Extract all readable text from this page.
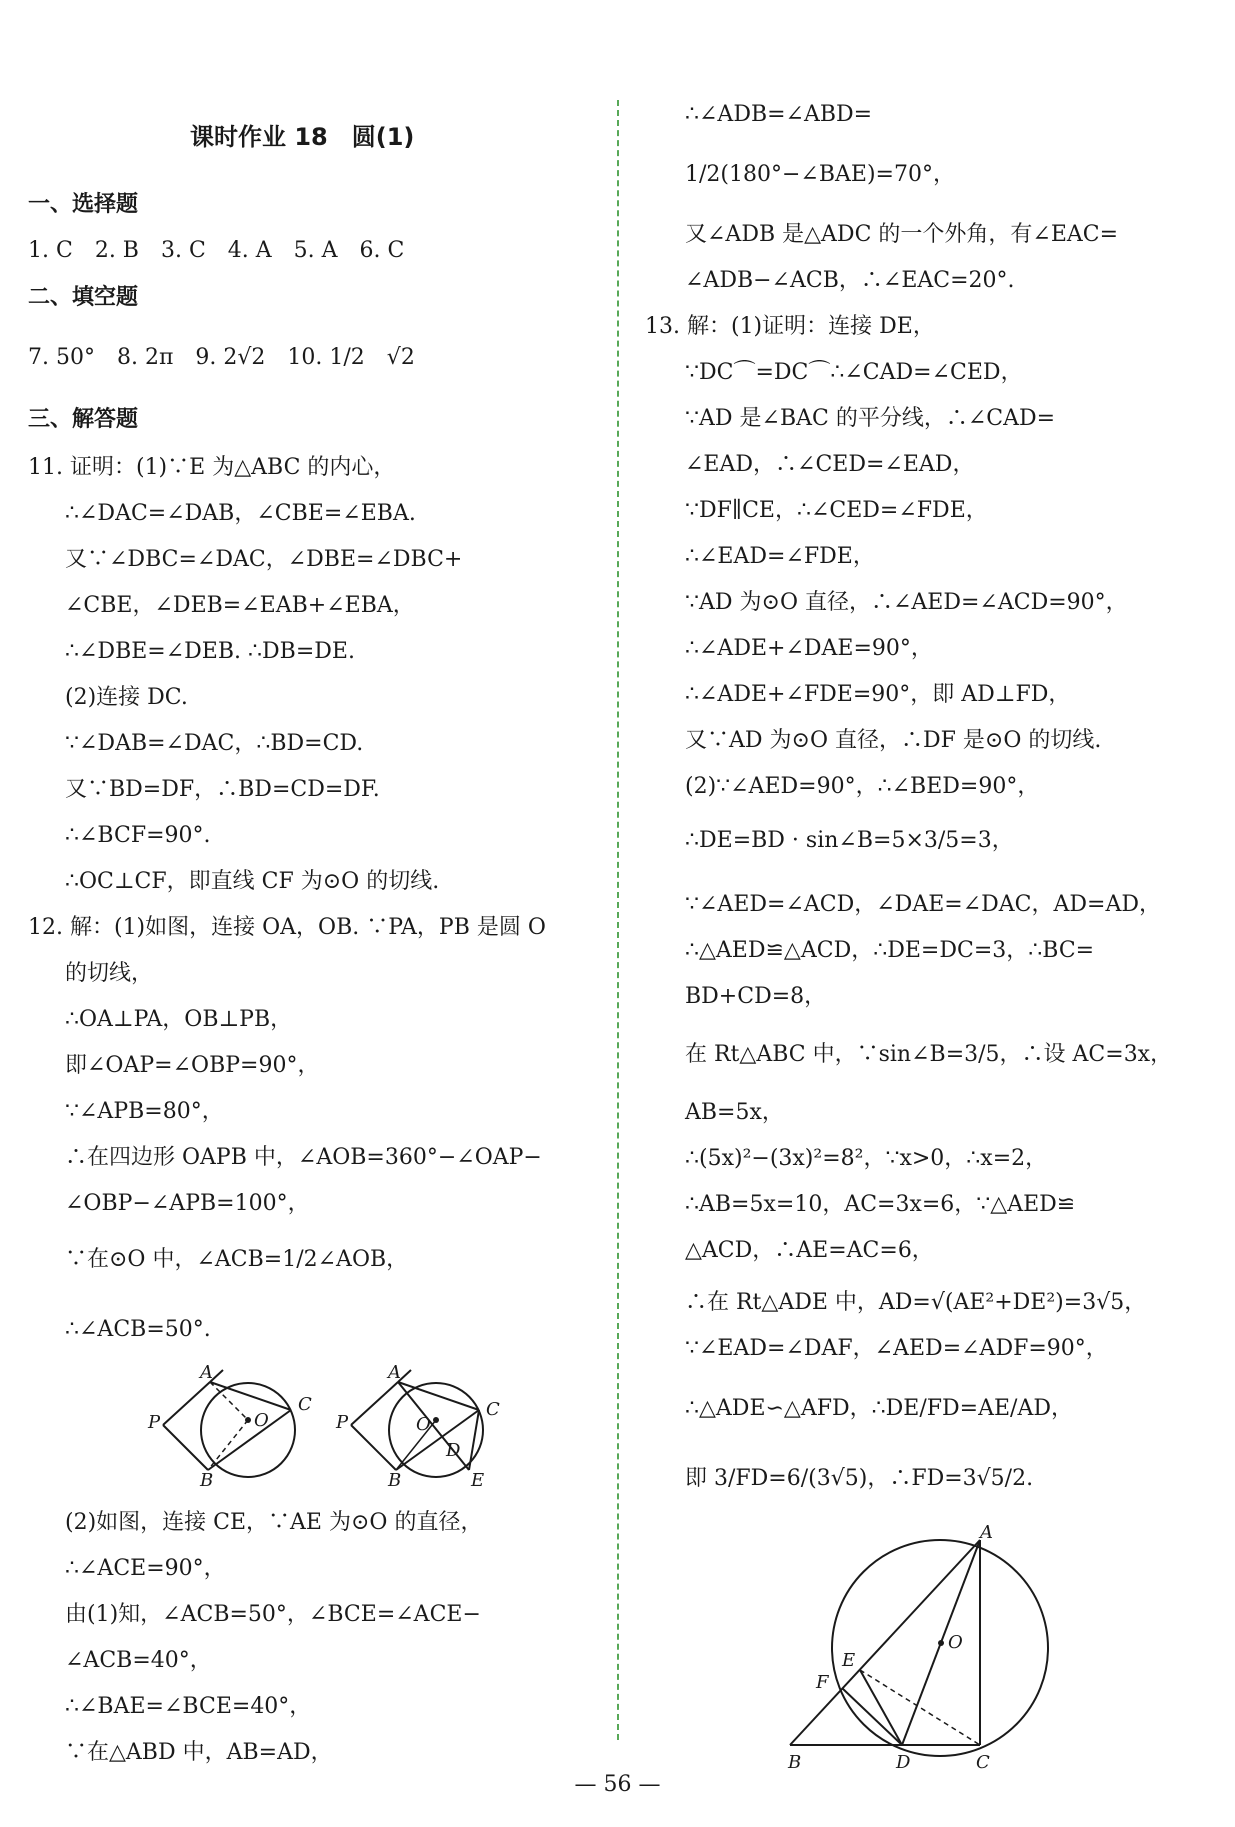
课时作业 18　圆(1)
一、选择题
1. C　2. B　3. C　4. A　5. A　6. C
二、填空题
7. 50°　8. 2π　9. 2√2　10. 1/2　√2
三、解答题
11. 证明：(1)∵E 为△ABC 的内心，
∴∠DAC=∠DAB，∠CBE=∠EBA.
又∵∠DBC=∠DAC，∠DBE=∠DBC+
∠CBE，∠DEB=∠EAB+∠EBA，
∴∠DBE=∠DEB. ∴DB=DE.
(2)连接 DC.
∵∠DAB=∠DAC，∴BD=CD.
又∵BD=DF，∴BD=CD=DF.
∴∠BCF=90°.
∴OC⊥CF，即直线 CF 为⊙O 的切线.
12. 解：(1)如图，连接 OA，OB. ∵PA，PB 是圆 O
的切线，
∴OA⊥PA，OB⊥PB，
即∠OAP=∠OBP=90°，
∵∠APB=80°，
∴在四边形 OAPB 中，∠AOB=360°−∠OAP−
∠OBP−∠APB=100°，
∵在⊙O 中，∠ACB=1/2∠AOB，
∴∠ACB=50°.
A
P	O
C
B
A
P	O
C
B
D
E
(2)如图，连接 CE，∵AE 为⊙O 的直径，
∴∠ACE=90°，
由(1)知，∠ACB=50°，∠BCE=∠ACE−
∠ACB=40°，
∴∠BAE=∠BCE=40°，
∵在△ABD 中，AB=AD，
∴∠ADB=∠ABD=
1/2(180°−∠BAE)=70°，
又∠ADB 是△ADC 的一个外角，有∠EAC=
∠ADB−∠ACB，∴∠EAC=20°.
13. 解：(1)证明：连接 DE，
∵DC⌒=DC⌒∴∠CAD=∠CED，
∵AD 是∠BAC 的平分线，∴∠CAD=
∠EAD，∴∠CED=∠EAD，
∵DF∥CE，∴∠CED=∠FDE，
∴∠EAD=∠FDE，
∵AD 为⊙O 直径，∴∠AED=∠ACD=90°，
∴∠ADE+∠DAE=90°，
∴∠ADE+∠FDE=90°，即 AD⊥FD，
又∵AD 为⊙O 直径，∴DF 是⊙O 的切线.
(2)∵∠AED=90°，∴∠BED=90°，
∴DE=BD · sin∠B=5×3/5=3，
∵∠AED=∠ACD，∠DAE=∠DAC，AD=AD，
∴△AED≌△ACD，∴DE=DC=3，∴BC=
BD+CD=8，
在 Rt△ABC 中，∵sin∠B=3/5，∴设 AC=3x，
AB=5x，
∴(5x)²−(3x)²=8²，∵x>0，∴x=2，
∴AB=5x=10，AC=3x=6，∵△AED≌
△ACD，∴AE=AC=6，
∴在 Rt△ADE 中，AD=√(AE²+DE²)=3√5，
∵∠EAD=∠DAF，∠AED=∠ADF=90°，
∴△ADE∽△AFD，∴DE/FD=AE/AD，
即 3/FD=6/(3√5)，∴FD=3√5/2.
A
O
E
F
B	D	C
— 56 —
